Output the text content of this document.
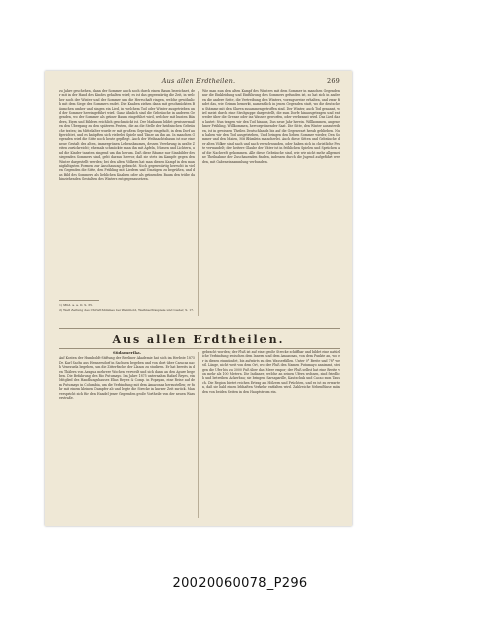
Aus allen Erdtheilen.	269
zu Jahre geschehen, dann der Sommer auch noch durch einen Baum bezeichnet, der mit in der Hand des Kindes gehalten wird; es ist das gegenwärtig die Zeit, in welcher noch der Winter und der Sommer um die Herrschaft ringen, welche gewöhnlich mit dem Siege des Sommers endet. Die Knaben ziehen dann mit geschmückten Bäumchen umher und singen ein Lied, in welchem Tod oder Winter ausgetrieben und der Sommer hereingeführt wird. Ganz ähnlich sind die Gebräuche in anderen Gegenden, wo der Sommer als grüner Baum eingeführt wird, welcher mit bunten Bändern, Eiern und Bildern reichlich geschmückt ist. Der Maibaum bildet gewissermaßen den Übergang zu den späteren Festen, die an die Stelle der heidnischen Gebräuche traten; im Mittelalter wurde er mit großem Gepränge eingeholt, in dem Dorf aufgerichtet, und es knüpften sich vielerlei Spiele und Tänze an ihn an. In manchen Gegenden wird die Sitte noch heute gepflegt. Auch der Weihnachtsbaum ist nur eine neue Gestalt des alten, immergrünen Lebensbaumes, dessen Verehrung in uralte Zeiten zurückreicht; ehemals schmückte man ihn mit Äpfeln, Nüssen und Lichtern, und die Kinder tanzten singend um ihn herum. Daß diese Bäume nur Sinnbilder des siegenden Sommers sind, geht daraus hervor, daß sie stets im Kampfe gegen den Winter dargestellt werden; bei den alten Völkern hat man diesen Kampf in den mannigfaltigsten Formen zur Anschauung gebracht. Noch gegenwärtig herrscht in vielen Gegenden die Sitte, den Frühling mit Liedern und Umzügen zu begrüßen, und das Bild des Sommers als lieblichen Knaben oder als grünenden Baum den trübe dahinziehenden Gestalten des Winters entgegenzusetzen.
Wie man nun den alten Kampf des Winters mit dem Sommer in manchen Gegenden nur die Einkleidung und Einführung des Sommers gefunden ist, so hat sich in anderen die andere Seite, die Vertreibung des Winters, vorzugsweise erhalten, und zwar findet das, wie Grimm bemerkt, namentlich in jenen Gegenden statt, wo die deutschen Stämme mit den Slaven zusammengetroffen sind. Der Winter, auch Tod genannt, wird meist durch eine Strohpuppe dargestellt, die zum Dorfe hinausgetragen und entweder über die Grenze oder ins Wasser geworfen, oder verbrannt wird. Das Lied dazu lautet: Nun tragen wir den Tod hinaus, Das neue Jahr herein. Willkommen, angenehmer Frühling, Willkommen, hervorgrünender Saat. Die Sitte, den Winter auszutreiben, ist in gewissen Theilen Deutschlands bis auf die Gegenwart herab geblieben. Nun haben wir den Tod ausgetrieben, Und bringen den lieben Sommer wieder, Den Sommer und den Maien, Mit Blümlein mancherlei. Auch diese Sitten und Gebräuche der alten Völker sind nach und nach verschwunden, oder haben sich in christliche Feste verwandelt; der heitere Glaube der Väter ist in fröhlichen Spielen und Sprüchen auf die Nachwelt gekommen. Alle diese Gebräuche sind, wie wir nicht mehr allgemeine Theilnahme der Zuschauenden finden, indessen durch die Jugend aufgeführt werden, mit Gabeneinsammlung verbunden.
1) Mhd. a. a. O. S. 35.
2) Welt Zeitung des Christthümmes bei Weinhold, Weihnachtsspiele und Lieder, S. 17.
Aus allen Erdtheilen.
Südamerika.
Auf Kosten der Humboldt-Stiftung der Berliner Akademie hat sich im Herbste 1875 Dr. Karl Sachs aus Hennersdorf in Sachsen begeben und von dort über Caracas nach Venezuela begeben, um die Zitterfische der Llanos zu studiren. Er hat bereits in den Thälern von Aragua mehrere Wochen verweilt und sich dann an den Apure begeben. Die Befahrung des Rio Putumayo. Im Jahre 1875 unternahm Rafael Reyes, ein Mitglied des Handlungshauses Elias Reyes & Comp. in Popayan, eine Reise auf dem Putumayo in Columbia, um die Verbindung mit dem Amazonas herzustellen; er fuhr mit einem kleinen Dampfer ab und legte die Strecke in kurzer Zeit zurück. Man verspricht sich für den Handel jener Gegenden große Vortheile von der neuen Wasserstraße.
gebracht worden; der Fluß ist auf eine große Strecke schiffbar und bildet eine natürliche Verbindung zwischen dem Innern und dem Amazonas, von dem Punkte an, wo er in diesen einmündet, bis aufwärts zu den Wasserfällen. Unter 0° Breite und 78° westl. Länge, nicht weit von dem Ort, wo der Fluß den Namen Putumayo annimmt, steigen die Ufer bis zu 3000 Fuß über das Meer empor; der Fluß selbst hat eine Breite von mehr als 100 Metern. Die Indianer, welche an seinen Ufern wohnen, sind friedlich und betreiben Ackerbau; sie bringen Sarsaparille, Kautschuk und Cacao zum Tausch. Die Region bietet reichen Ertrag an Hölzern und Früchten, und es ist zu erwarten, daß sie bald einen lebhaften Verkehr entfalten wird. Zahlreiche Nebenflüsse münden von beiden Seiten in den Hauptstrom ein.
20020060078_P296
